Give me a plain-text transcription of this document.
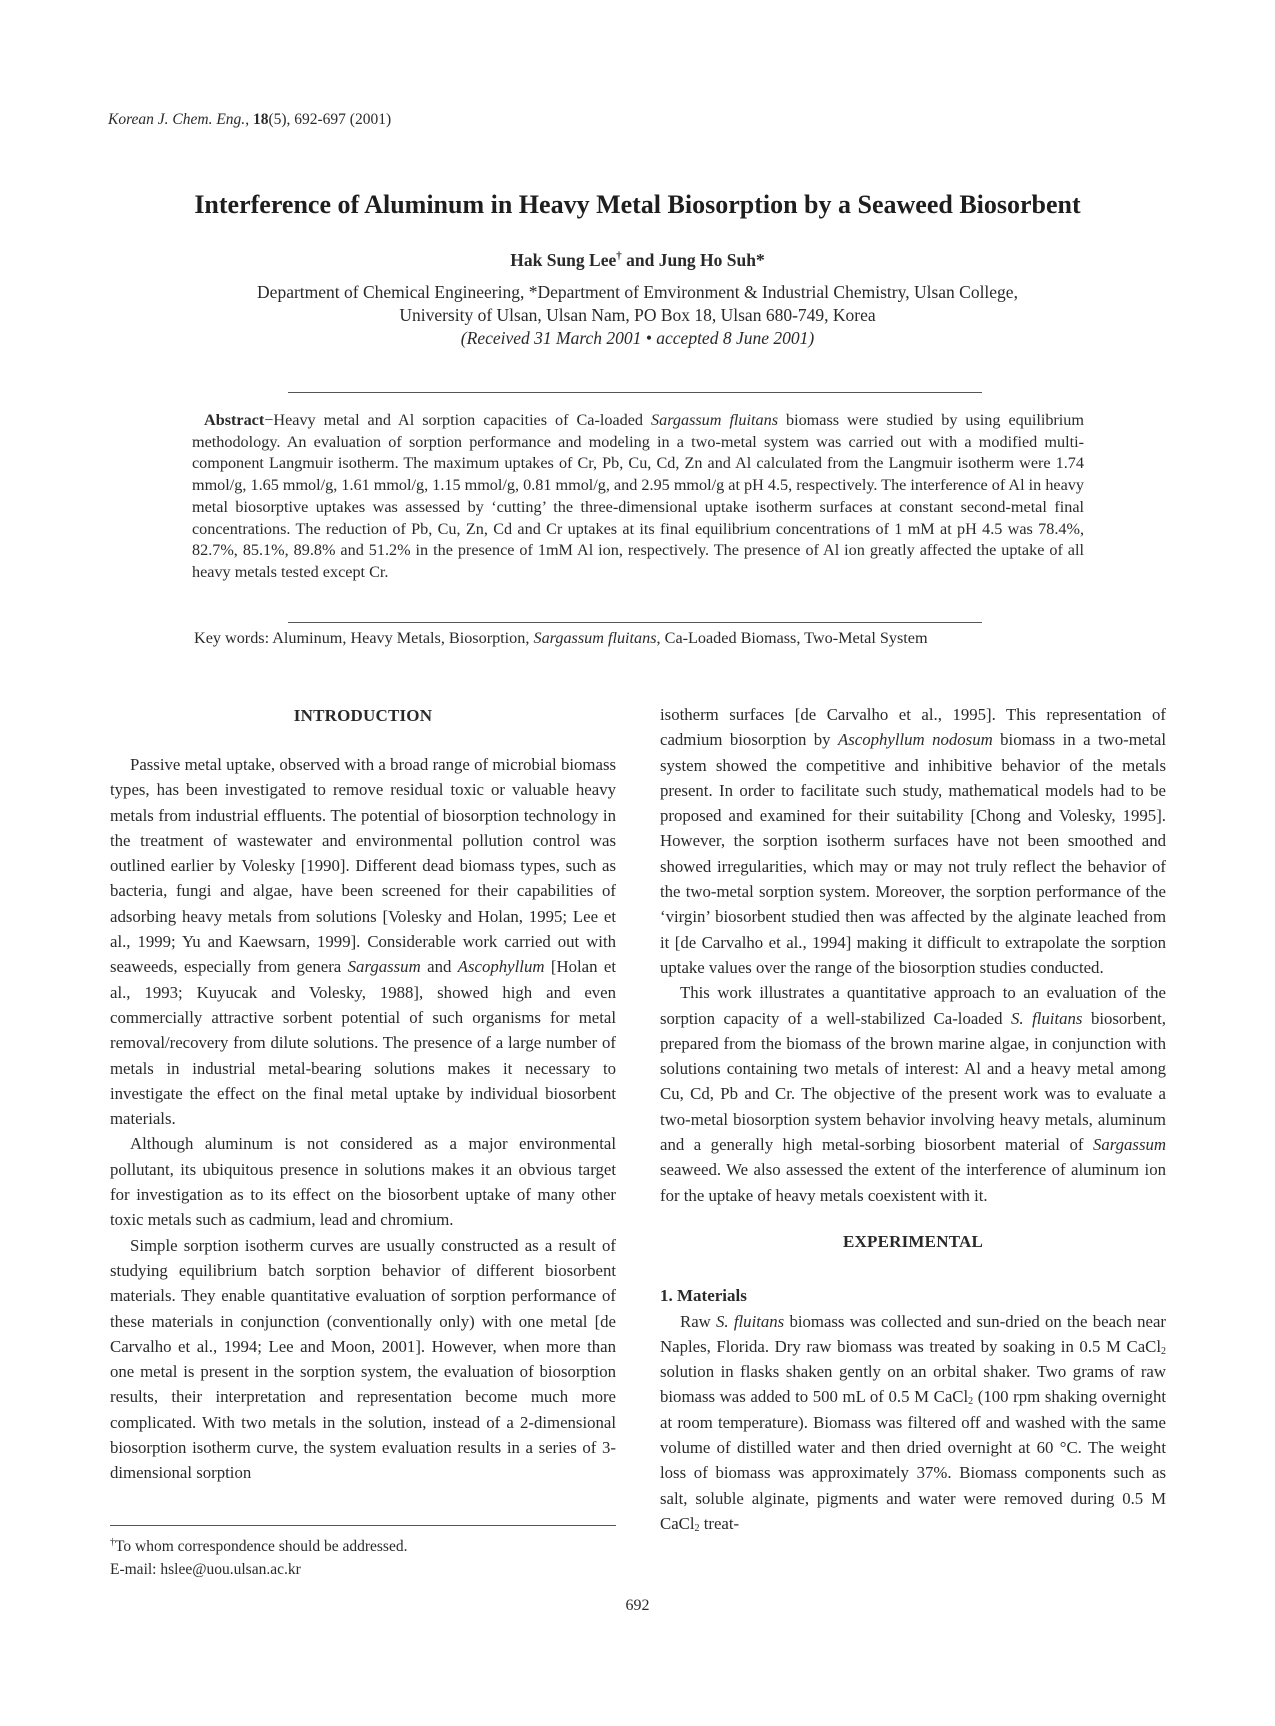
Korean J. Chem. Eng., 18(5), 692-697 (2001)
Interference of Aluminum in Heavy Metal Biosorption by a Seaweed Biosorbent
Hak Sung Lee† and Jung Ho Suh*
Department of Chemical Engineering, *Department of Emvironment & Industrial Chemistry, Ulsan College,
University of Ulsan, Ulsan Nam, PO Box 18, Ulsan 680-749, Korea
(Received 31 March 2001 • accepted 8 June 2001)
Abstract−Heavy metal and Al sorption capacities of Ca-loaded Sargassum fluitans biomass were studied by using equilibrium methodology. An evaluation of sorption performance and modeling in a two-metal system was carried out with a modified multi-component Langmuir isotherm. The maximum uptakes of Cr, Pb, Cu, Cd, Zn and Al calculated from the Langmuir isotherm were 1.74 mmol/g, 1.65 mmol/g, 1.61 mmol/g, 1.15 mmol/g, 0.81 mmol/g, and 2.95 mmol/g at pH 4.5, respectively. The interference of Al in heavy metal biosorptive uptakes was assessed by ‘cutting’ the three-dimensional uptake isotherm surfaces at constant second-metal final concentrations. The reduction of Pb, Cu, Zn, Cd and Cr uptakes at its final equilibrium concentrations of 1 mM at pH 4.5 was 78.4%, 82.7%, 85.1%, 89.8% and 51.2% in the presence of 1mM Al ion, respectively. The presence of Al ion greatly affected the uptake of all heavy metals tested except Cr.
Key words: Aluminum, Heavy Metals, Biosorption, Sargassum fluitans, Ca-Loaded Biomass, Two-Metal System
INTRODUCTION

Passive metal uptake, observed with a broad range of microbial biomass types, has been investigated to remove residual toxic or valuable heavy metals from industrial effluents. The potential of biosorption technology in the treatment of wastewater and environmental pollution control was outlined earlier by Volesky [1990]. Different dead biomass types, such as bacteria, fungi and algae, have been screened for their capabilities of adsorbing heavy metals from solutions [Volesky and Holan, 1995; Lee et al., 1999; Yu and Kaewsarn, 1999]. Considerable work carried out with seaweeds, especially from genera Sargassum and Ascophyllum [Holan et al., 1993; Kuyucak and Volesky, 1988], showed high and even commercially attractive sorbent potential of such organisms for metal removal/recovery from dilute solutions. The presence of a large number of metals in industrial metal-bearing solutions makes it necessary to investigate the effect on the final metal uptake by individual biosorbent materials.

Although aluminum is not considered as a major environmental pollutant, its ubiquitous presence in solutions makes it an obvious target for investigation as to its effect on the biosorbent uptake of many other toxic metals such as cadmium, lead and chromium.

Simple sorption isotherm curves are usually constructed as a result of studying equilibrium batch sorption behavior of different biosorbent materials. They enable quantitative evaluation of sorption performance of these materials in conjunction (conventionally only) with one metal [de Carvalho et al., 1994; Lee and Moon, 2001]. However, when more than one metal is present in the sorption system, the evaluation of biosorption results, their interpretation and representation become much more complicated. With two metals in the solution, instead of a 2-dimensional biosorption isotherm curve, the system evaluation results in a series of 3-dimensional sorption

†To whom correspondence should be addressed.
E-mail: hslee@uou.ulsan.ac.kr

isotherm surfaces [de Carvalho et al., 1995]. This representation of cadmium biosorption by Ascophyllum nodosum biomass in a two-metal system showed the competitive and inhibitive behavior of the metals present. In order to facilitate such study, mathematical models had to be proposed and examined for their suitability [Chong and Volesky, 1995]. However, the sorption isotherm surfaces have not been smoothed and showed irregularities, which may or may not truly reflect the behavior of the two-metal sorption system. Moreover, the sorption performance of the ‘virgin’ biosorbent studied then was affected by the alginate leached from it [de Carvalho et al., 1994] making it difficult to extrapolate the sorption uptake values over the range of the biosorption studies conducted.

This work illustrates a quantitative approach to an evaluation of the sorption capacity of a well-stabilized Ca-loaded S. fluitans biosorbent, prepared from the biomass of the brown marine algae, in conjunction with solutions containing two metals of interest: Al and a heavy metal among Cu, Cd, Pb and Cr. The objective of the present work was to evaluate a two-metal biosorption system behavior involving heavy metals, aluminum and a generally high metal-sorbing biosorbent material of Sargassum seaweed. We also assessed the extent of the interference of aluminum ion for the uptake of heavy metals coexistent with it.

EXPERIMENTAL
1. Materials

Raw S. fluitans biomass was collected and sun-dried on the beach near Naples, Florida. Dry raw biomass was treated by soaking in 0.5 M CaCl$_2$ solution in flasks shaken gently on an orbital shaker. Two grams of raw biomass was added to 500 mL of 0.5 M CaCl$_2$ (100 rpm shaking overnight at room temperature). Biomass was filtered off and washed with the same volume of distilled water and then dried overnight at 60 °C. The weight loss of biomass was approximately 37%. Biomass components such as salt, soluble alginate, pigments and water were removed during 0.5 M CaCl$_2$ treat-

692
